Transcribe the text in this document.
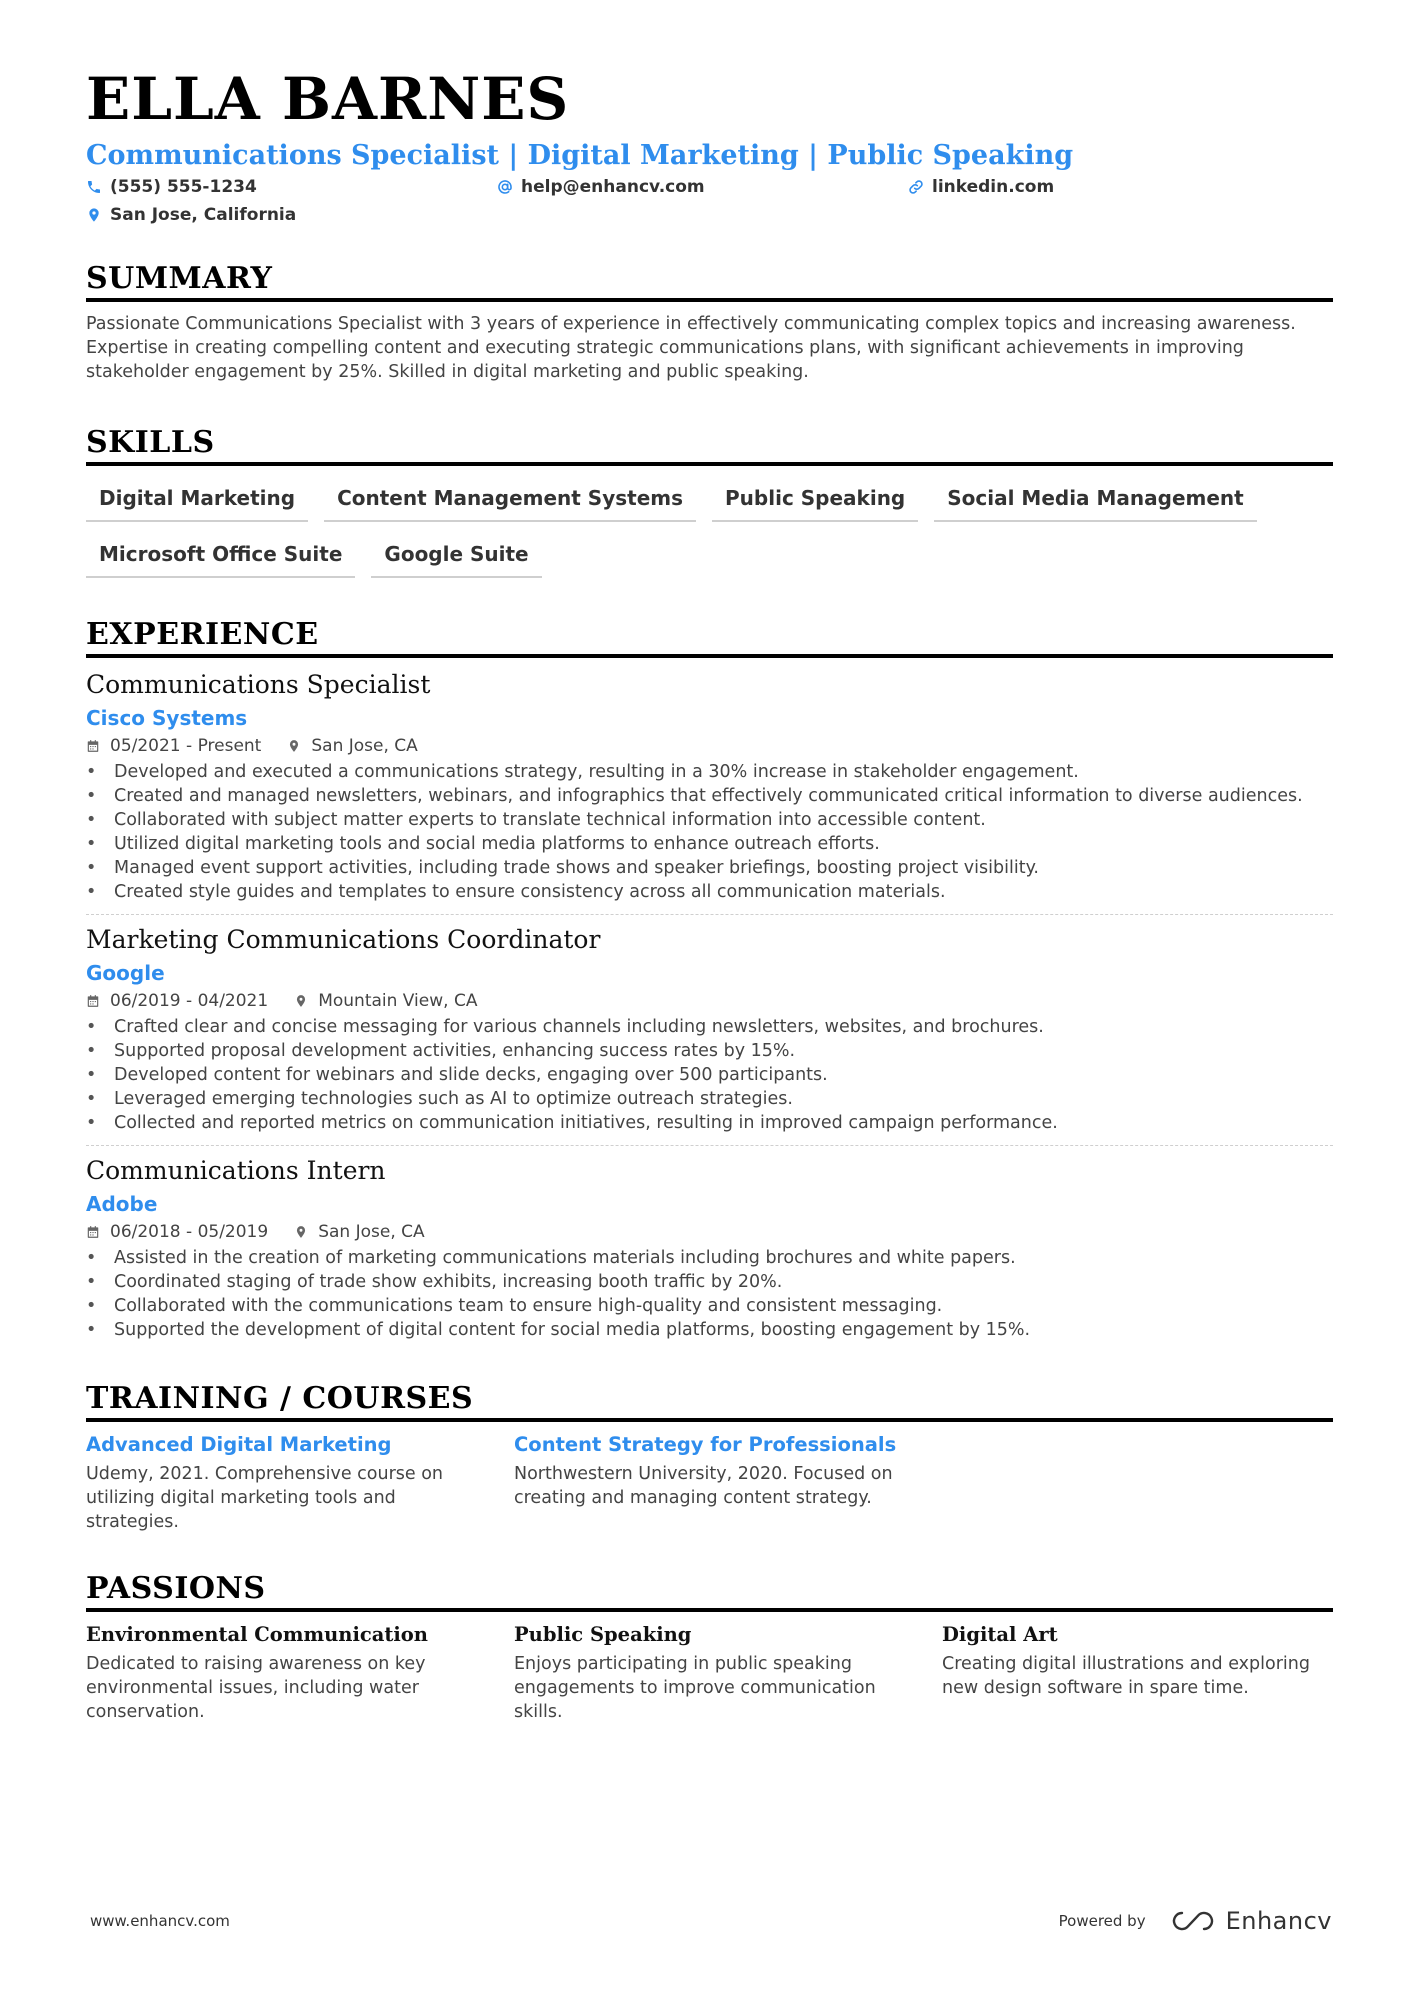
ELLA BARNES
Communications Specialist | Digital Marketing | Public Speaking
(555) 555-1234	help@enhancv.com	linkedin.com
San Jose, California
SUMMARY
Passionate Communications Specialist with 3 years of experience in effectively communicating complex topics and increasing awareness. Expertise in creating compelling content and executing strategic communications plans, with significant achievements in improving stakeholder engagement by 25%. Skilled in digital marketing and public speaking.
SKILLS
Digital Marketing	Content Management Systems	Public Speaking	Social Media Management
Microsoft Office Suite	Google Suite
EXPERIENCE
Communications Specialist
Cisco Systems
05/2021 - Present	San Jose, CA
• Developed and executed a communications strategy, resulting in a 30% increase in stakeholder engagement.
• Created and managed newsletters, webinars, and infographics that effectively communicated critical information to diverse audiences.
• Collaborated with subject matter experts to translate technical information into accessible content.
• Utilized digital marketing tools and social media platforms to enhance outreach efforts.
• Managed event support activities, including trade shows and speaker briefings, boosting project visibility.
• Created style guides and templates to ensure consistency across all communication materials.
Marketing Communications Coordinator
Google
06/2019 - 04/2021	Mountain View, CA
• Crafted clear and concise messaging for various channels including newsletters, websites, and brochures.
• Supported proposal development activities, enhancing success rates by 15%.
• Developed content for webinars and slide decks, engaging over 500 participants.
• Leveraged emerging technologies such as AI to optimize outreach strategies.
• Collected and reported metrics on communication initiatives, resulting in improved campaign performance.
Communications Intern
Adobe
06/2018 - 05/2019	San Jose, CA
• Assisted in the creation of marketing communications materials including brochures and white papers.
• Coordinated staging of trade show exhibits, increasing booth traffic by 20%.
• Collaborated with the communications team to ensure high-quality and consistent messaging.
• Supported the development of digital content for social media platforms, boosting engagement by 15%.
TRAINING / COURSES
Advanced Digital Marketing
Udemy, 2021. Comprehensive course on utilizing digital marketing tools and strategies.
Content Strategy for Professionals
Northwestern University, 2020. Focused on creating and managing content strategy.
PASSIONS
Environmental Communication
Dedicated to raising awareness on key environmental issues, including water conservation.
Public Speaking
Enjoys participating in public speaking engagements to improve communication skills.
Digital Art
Creating digital illustrations and exploring new design software in spare time.
www.enhancv.com	Powered by	Enhancv
